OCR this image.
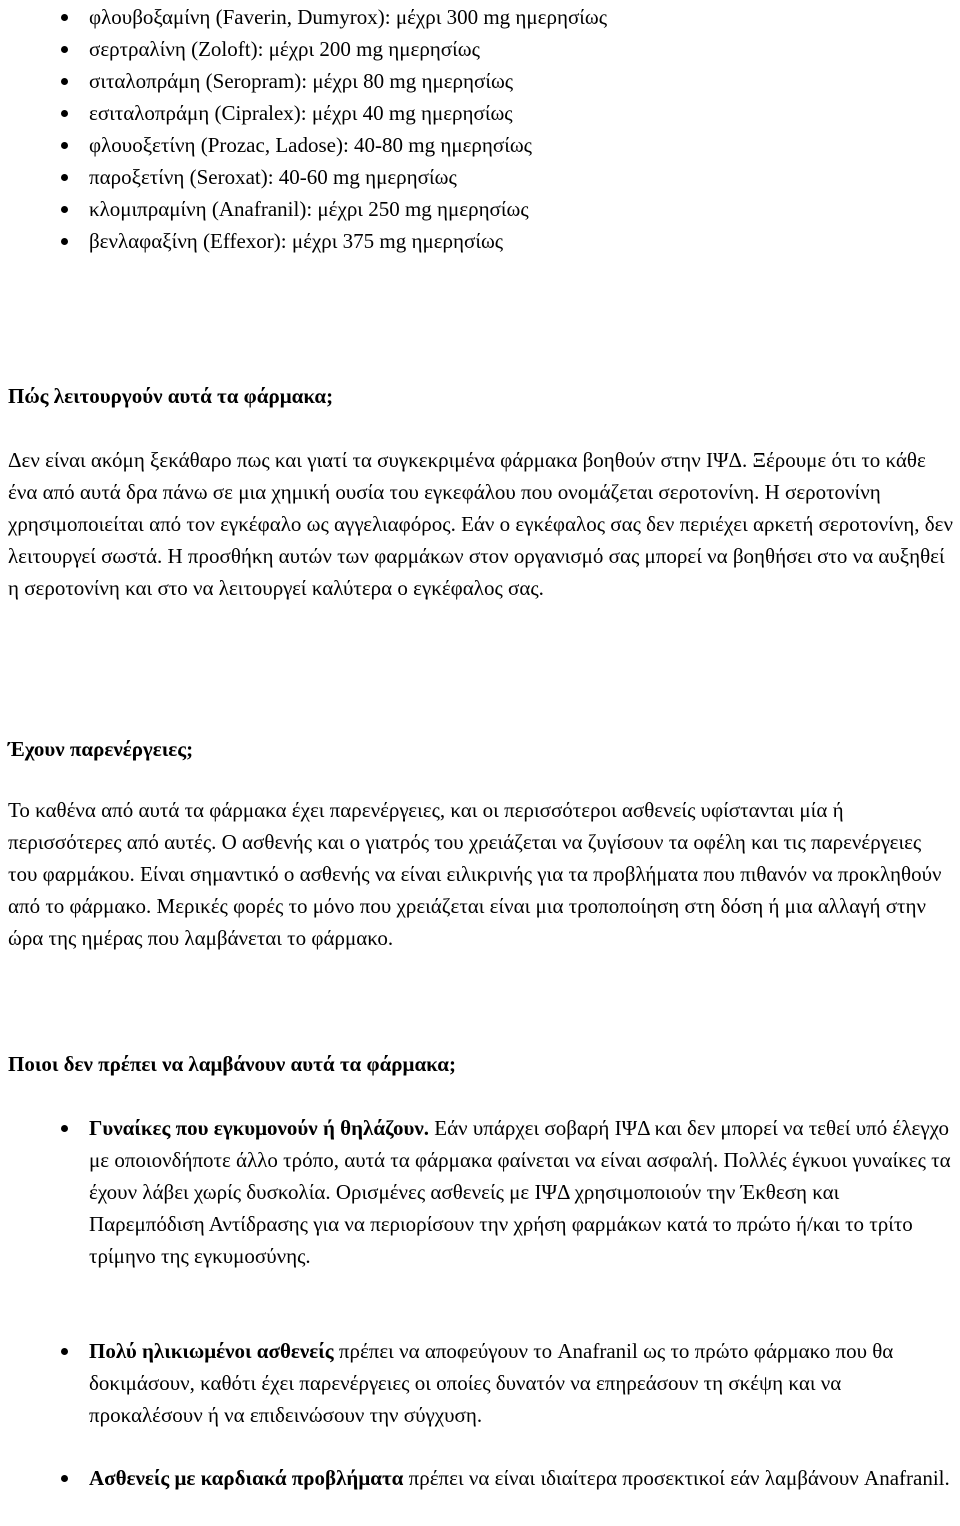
φλουβοξαμίνη (Faverin, Dumyrox): μέχρι 300 mg ημερησίως
σερτραλίνη (Zoloft): μέχρι 200 mg ημερησίως
σιταλοπράμη (Seropram): μέχρι 80 mg ημερησίως
εσιταλοπράμη (Cipralex): μέχρι 40 mg ημερησίως
φλουοξετίνη (Prozac, Ladose): 40-80 mg ημερησίως
παροξετίνη (Seroxat): 40-60 mg ημερησίως
κλομιπραμίνη (Anafranil): μέχρι 250 mg ημερησίως
βενλαφαξίνη (Effexor): μέχρι 375 mg ημερησίως
Πώς λειτουργούν αυτά τα φάρμακα;

Δεν είναι ακόμη ξεκάθαρο πως και γιατί τα συγκεκριμένα φάρμακα βοηθούν στην ΙΨΔ. Ξέρουμε ότι το κάθε ένα από αυτά δρα πάνω σε μια χημική ουσία του εγκεφάλου που ονομάζεται σεροτονίνη. Η σεροτονίνη χρησιμοποιείται από τον εγκέφαλο ως αγγελιαφόρος. Εάν ο εγκέφαλος σας δεν περιέχει αρκετή σεροτονίνη, δεν λειτουργεί σωστά. Η προσθήκη αυτών των φαρμάκων στον οργανισμό σας μπορεί να βοηθήσει στο να αυξηθεί η σεροτονίνη και στο να λειτουργεί καλύτερα ο εγκέφαλος σας.

Έχουν παρενέργειες;

Το καθένα από αυτά τα φάρμακα έχει παρενέργειες, και οι περισσότεροι ασθενείς υφίστανται μία ή περισσότερες από αυτές. Ο ασθενής και ο γιατρός του χρειάζεται να ζυγίσουν τα οφέλη και τις παρενέργειες του φαρμάκου. Είναι σημαντικό ο ασθενής να είναι ειλικρινής για τα προβλήματα που πιθανόν να προκληθούν από το φάρμακο. Μερικές φορές το μόνο που χρειάζεται είναι μια τροποποίηση στη δόση ή μια αλλαγή στην ώρα της ημέρας που λαμβάνεται το φάρμακο.

Ποιοι δεν πρέπει να λαμβάνουν αυτά τα φάρμακα;
Γυναίκες που εγκυμονούν ή θηλάζουν. Εάν υπάρχει σοβαρή ΙΨΔ και δεν μπορεί να τεθεί υπό έλεγχο με οποιονδήποτε άλλο τρόπο, αυτά τα φάρμακα φαίνεται να είναι ασφαλή. Πολλές έγκυοι γυναίκες τα έχουν λάβει χωρίς δυσκολία. Ορισμένες ασθενείς με ΙΨΔ χρησιμοποιούν την Έκθεση και Παρεμπόδιση Αντίδρασης για να περιορίσουν την χρήση φαρμάκων κατά το πρώτο ή/και το τρίτο τρίμηνο της εγκυμοσύνης.
Πολύ ηλικιωμένοι ασθενείς πρέπει να αποφεύγουν το Anafranil ως το πρώτο φάρμακο που θα δοκιμάσουν, καθότι έχει παρενέργειες οι οποίες δυνατόν να επηρεάσουν τη σκέψη και να προκαλέσουν ή να επιδεινώσουν την σύγχυση.
Ασθενείς με καρδιακά προβλήματα πρέπει να είναι ιδιαίτερα προσεκτικοί εάν λαμβάνουν Anafranil.
